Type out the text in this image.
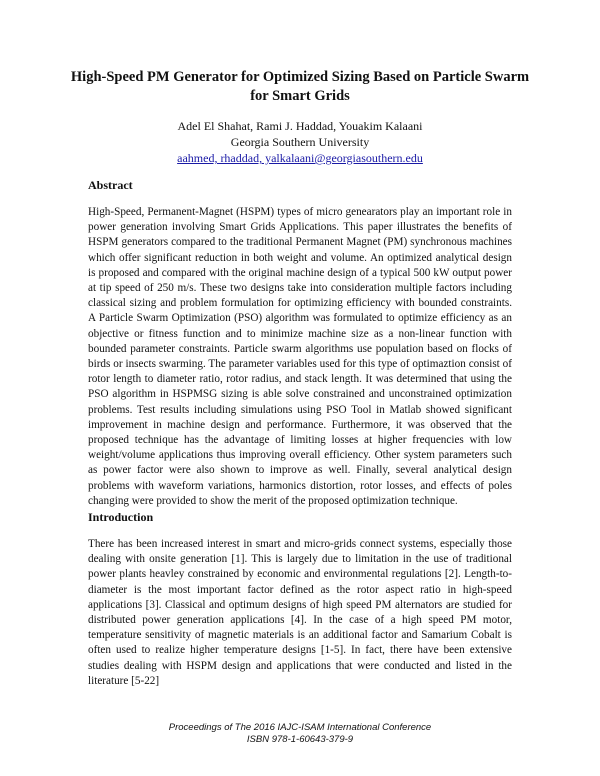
High-Speed PM Generator for Optimized Sizing Based on Particle Swarm for Smart Grids
Adel El Shahat, Rami J. Haddad, Youakim Kalaani
Georgia Southern University
aahmed, rhaddad, yalkalaani@georgiasouthern.edu
Abstract

High-Speed, Permanent-Magnet (HSPM) types of micro genearators play an important role in power generation involving Smart Grids Applications. This paper illustrates the benefits of HSPM generators compared to the traditional Permanent Magnet (PM) synchronous machines which offer significant reduction in both weight and volume. An optimized analytical design is proposed and compared with the original machine design of a typical 500 kW output power at tip speed of 250 m/s. These two designs take into consideration multiple factors including classical sizing and problem formulation for optimizing efficiency with bounded constraints. A Particle Swarm Optimization (PSO) algorithm was formulated to optimize efficiency as an objective or fitness function and to minimize machine size as a non-linear function with bounded parameter constraints. Particle swarm algorithms use population based on flocks of birds or insects swarming. The parameter variables used for this type of optimaztion consist of rotor length to diameter ratio, rotor radius, and stack length. It was determined that using the PSO algorithm in HSPMSG sizing is able solve constrained and unconstrained optimization problems. Test results including simulations using PSO Tool in Matlab showed significant improvement in machine design and performance. Furthermore, it was observed that the proposed technique has the advantage of limiting losses at higher frequencies with low weight/volume applications thus improving overall efficiency. Other system parameters such as power factor were also shown to improve as well. Finally, several analytical design problems with waveform variations, harmonics distortion, rotor losses, and effects of poles changing were provided to show the merit of the proposed optimization technique.

Introduction

There has been increased interest in smart and micro-grids connect systems, especially those dealing with onsite generation [1]. This is largely due to limitation in the use of traditional power plants heavley constrained by economic and environmental regulations [2]. Length-to-diameter is the most important factor defined as the rotor aspect ratio in high-speed applications [3]. Classical and optimum designs of high speed PM alternators are studied for distributed power generation applications [4]. In the case of a high speed PM motor, temperature sensitivity of magnetic materials is an additional factor and Samarium Cobalt is often used to realize higher temperature designs [1-5]. In fact, there have been extensive studies dealing with HSPM design and applications that were conducted and listed in the literature [5-22]

Proceedings of The 2016 IAJC-ISAM International Conference
ISBN 978-1-60643-379-9
